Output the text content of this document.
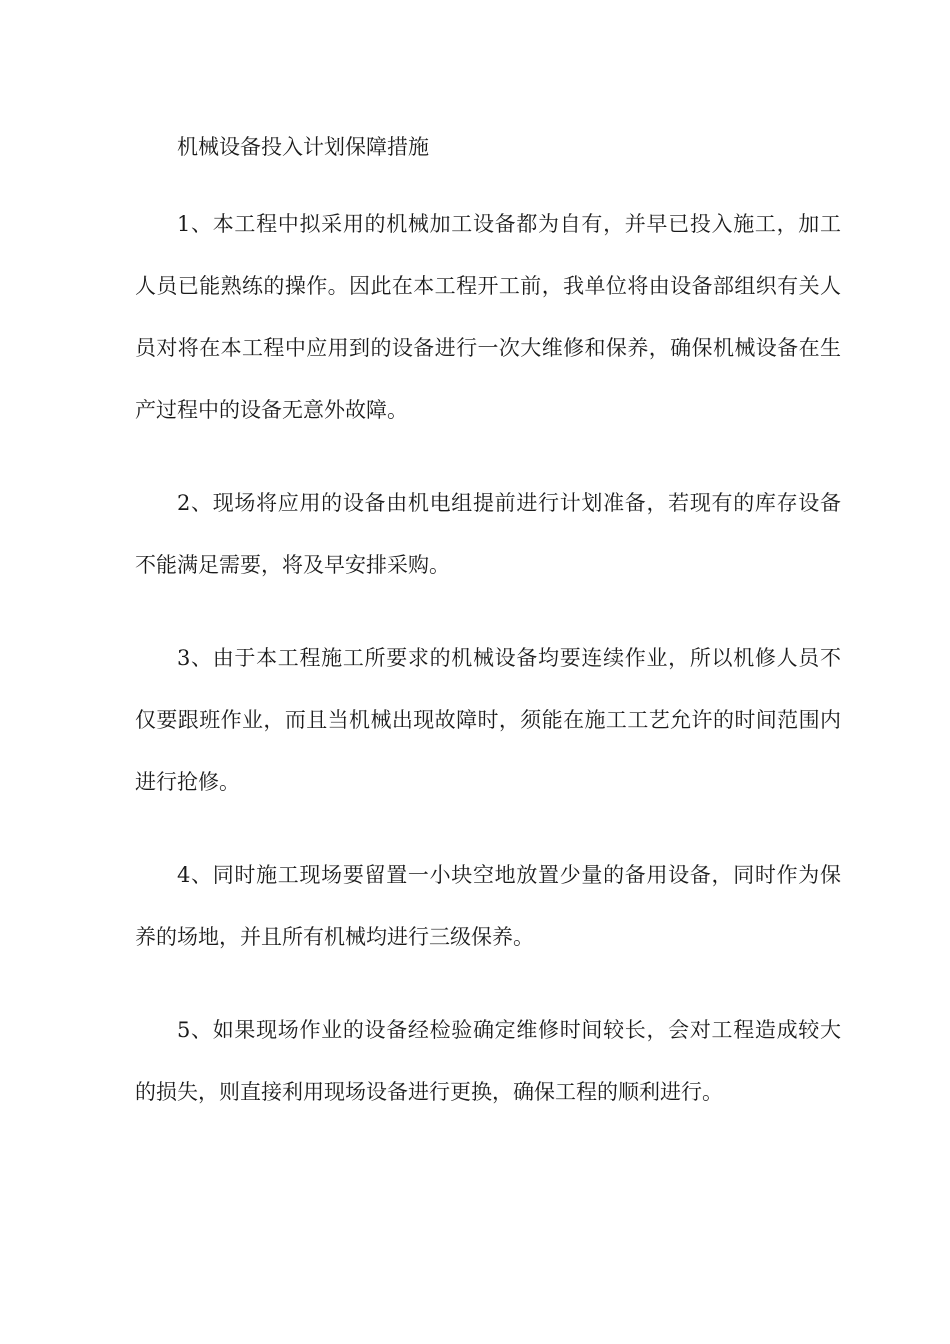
机械设备投入计划保障措施

1、本工程中拟采用的机械加工设备都为自有，并早已投入施工，加工人员已能熟练的操作。因此在本工程开工前，我单位将由设备部组织有关人员对将在本工程中应用到的设备进行一次大维修和保养，确保机械设备在生产过程中的设备无意外故障。

2、现场将应用的设备由机电组提前进行计划准备，若现有的库存设备不能满足需要，将及早安排采购。

3、由于本工程施工所要求的机械设备均要连续作业，所以机修人员不仅要跟班作业，而且当机械出现故障时，须能在施工工艺允许的时间范围内进行抢修。

4、同时施工现场要留置一小块空地放置少量的备用设备，同时作为保养的场地，并且所有机械均进行三级保养。

5、如果现场作业的设备经检验确定维修时间较长，会对工程造成较大的损失，则直接利用现场设备进行更换，确保工程的顺利进行。
